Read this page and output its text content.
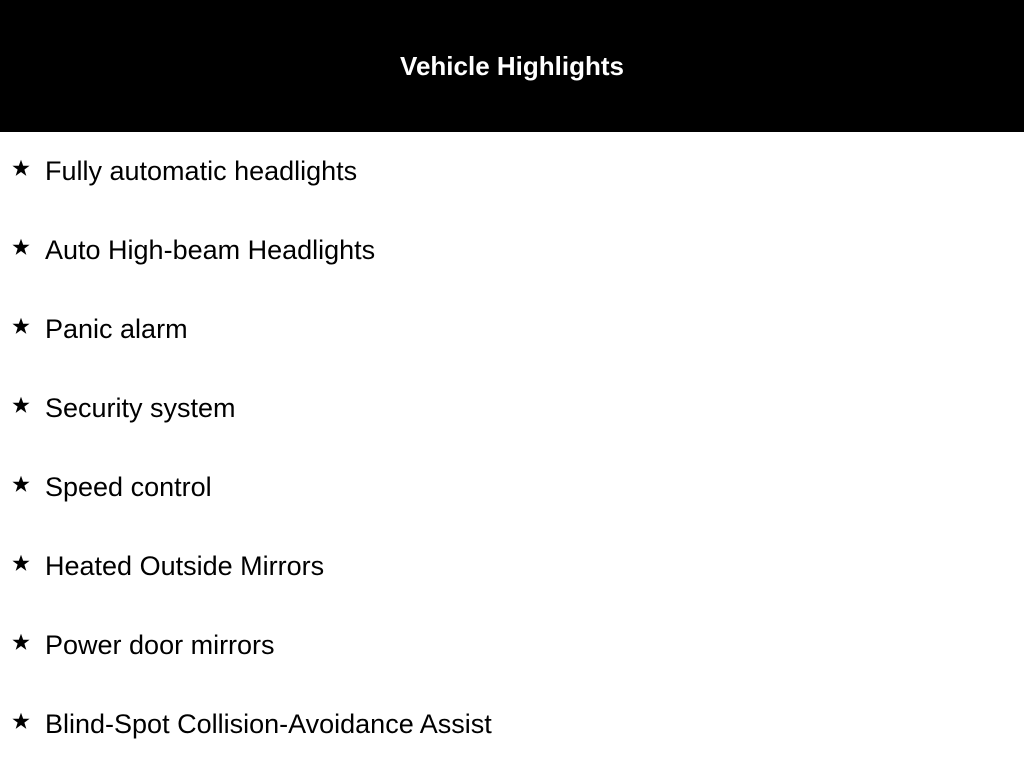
Vehicle Highlights
Fully automatic headlights
Auto High-beam Headlights
Panic alarm
Security system
Speed control
Heated Outside Mirrors
Power door mirrors
Blind-Spot Collision-Avoidance Assist
